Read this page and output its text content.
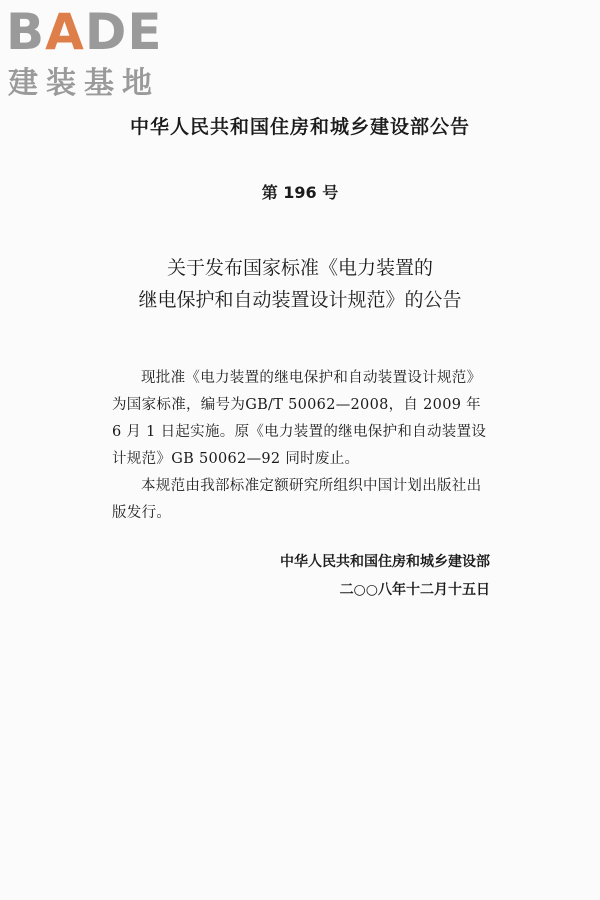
BADE
建装基地
中华人民共和国住房和城乡建设部公告
第 196 号
关于发布国家标准《电力装置的
继电保护和自动装置设计规范》的公告

现批准《电力装置的继电保护和自动装置设计规范》为国家标准，编号为GB/T 50062—2008，自 2009 年 6 月 1 日起实施。原《电力装置的继电保护和自动装置设计规范》GB 50062—92 同时废止。

本规范由我部标准定额研究所组织中国计划出版社出版发行。

中华人民共和国住房和城乡建设部
二○○八年十二月十五日
